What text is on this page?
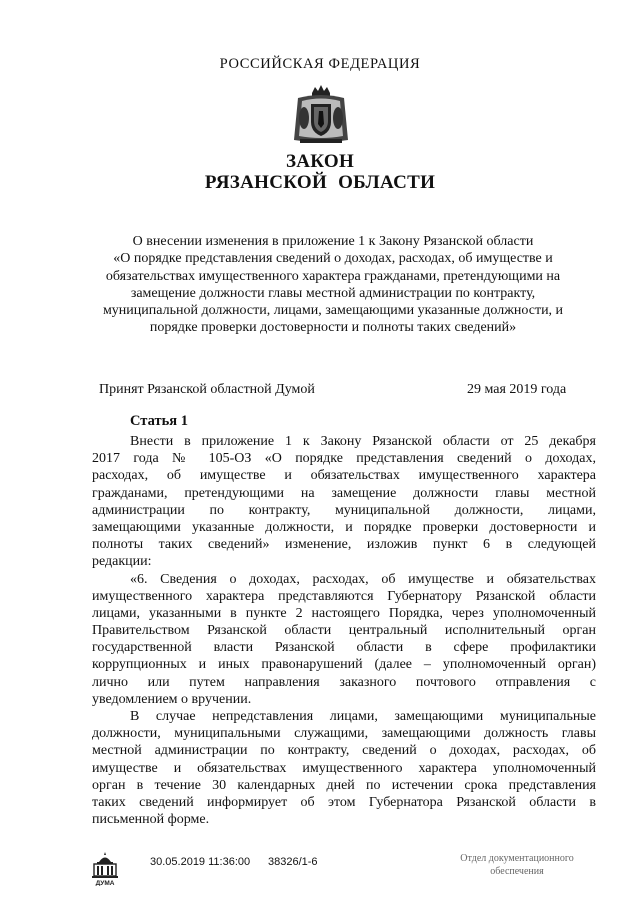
РОССИЙСКАЯ ФЕДЕРАЦИЯ
ЗАКОН
РЯЗАНСКОЙ ОБЛАСТИ
О внесении изменения в приложение 1 к Закону Рязанской области
«О порядке представления сведений о доходах, расходах, об имуществе и
обязательствах имущественного характера гражданами, претендующими на
замещение должности главы местной администрации по контракту,
муниципальной должности, лицами, замещающими указанные должности, и
порядке проверки достоверности и полноты таких сведений»
Принят Рязанской областной Думой	29 мая 2019 года
Статья 1
Внести в приложение 1 к Закону Рязанской области от 25 декабря
2017 года № 105-ОЗ «О порядке представления сведений о доходах,
расходах, об имуществе и обязательствах имущественного характера
гражданами, претендующими на замещение должности главы местной
администрации по контракту, муниципальной должности, лицами,
замещающими указанные должности, и порядке проверки достоверности и
полноты таких сведений» изменение, изложив пункт 6 в следующей
редакции:
«6. Сведения о доходах, расходах, об имуществе и обязательствах
имущественного характера представляются Губернатору Рязанской области
лицами, указанными в пункте 2 настоящего Порядка, через уполномоченный
Правительством Рязанской области центральный исполнительный орган
государственной власти Рязанской области в сфере профилактики
коррупционных и иных правонарушений (далее – уполномоченный орган)
лично или путем направления заказного почтового отправления с
уведомлением о вручении.
В случае непредставления лицами, замещающими муниципальные
должности, муниципальными служащими, замещающими должность главы
местной администрации по контракту, сведений о доходах, расходах, об
имуществе и обязательствах имущественного характера уполномоченный
орган в течение 30 календарных дней по истечении срока представления
таких сведений информирует об этом Губернатора Рязанской области в
письменной форме.
ДУМА
30.05.2019 11:36:00 38326/1-6	Отдел документационного
обеспечения
